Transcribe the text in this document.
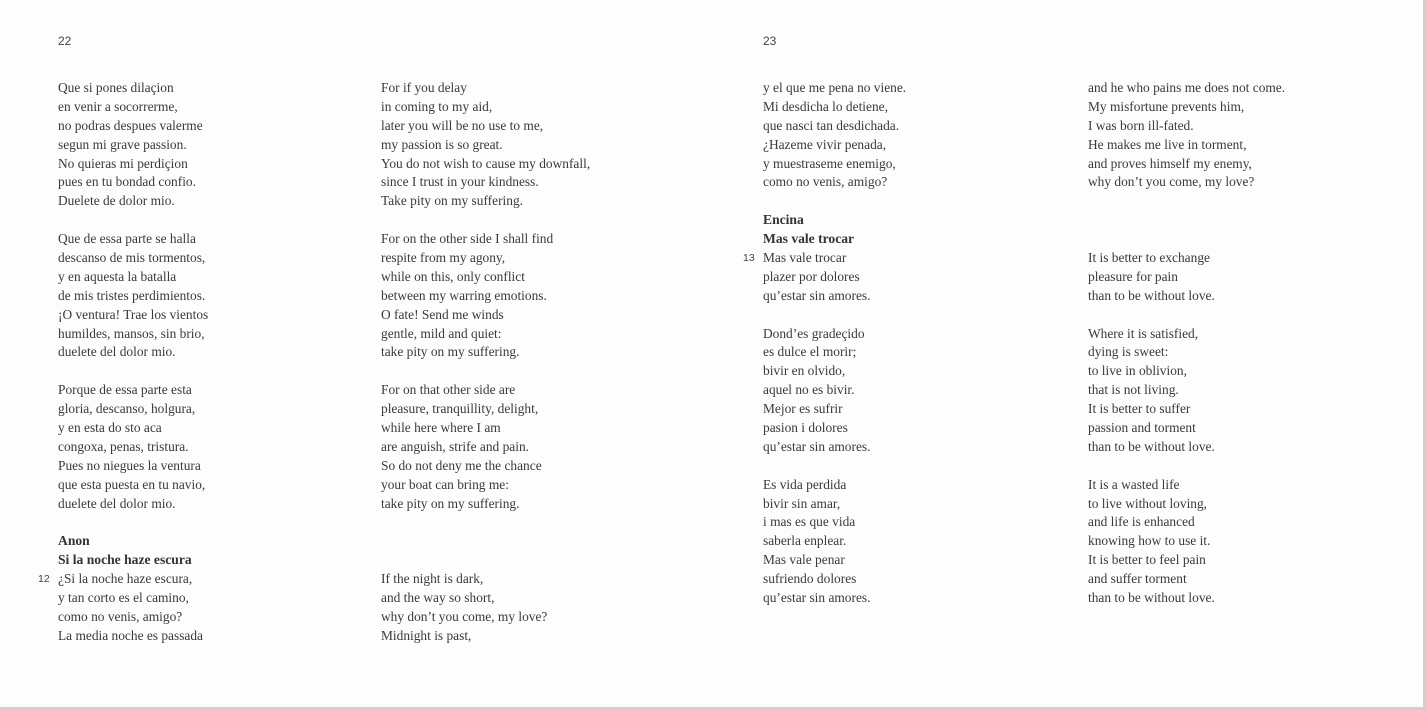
22
Que si pones dilaçion
en venir a socorrerme,
no podras despues valerme
segun mi grave passion.
No quieras mi perdiçion
pues en tu bondad confio.
Duelete de dolor mio.
Que de essa parte se halla
descanso de mis tormentos,
y en aquesta la batalla
de mis tristes perdimientos.
¡O ventura! Trae los vientos
humildes, mansos, sin brio,
duelete del dolor mio.
Porque de essa parte esta
gloria, descanso, holgura,
y en esta do sto aca
congoxa, penas, tristura.
Pues no niegues la ventura
que esta puesta en tu navio,
duelete del dolor mio.
Anon
Si la noche haze escura
12 ¿Si la noche haze escura,
y tan corto es el camino,
como no venis, amigo?
La media noche es passada
For if you delay
in coming to my aid,
later you will be no use to me,
my passion is so great.
You do not wish to cause my downfall,
since I trust in your kindness.
Take pity on my suffering.
For on the other side I shall find
respite from my agony,
while on this, only conflict
between my warring emotions.
O fate! Send me winds
gentle, mild and quiet:
take pity on my suffering.
For on that other side are
pleasure, tranquillity, delight,
while here where I am
are anguish, strife and pain.
So do not deny me the chance
your boat can bring me:
take pity on my suffering.
If the night is dark,
and the way so short,
why don’t you come, my love?
Midnight is past,
23
y el que me pena no viene.
Mi desdicha lo detiene,
que nasci tan desdichada.
¿Hazeme vivir penada,
y muestraseme enemigo,
como no venis, amigo?
Encina
Mas vale trocar
13 Mas vale trocar
plazer por dolores
qu’estar sin amores.
Dond’es gradeçido
es dulce el morir;
bivir en olvido,
aquel no es bivir.
Mejor es sufrir
pasion i dolores
qu’estar sin amores.
Es vida perdida
bivir sin amar,
i mas es que vida
saberla enplear.
Mas vale penar
sufriendo dolores
qu’estar sin amores.
and he who pains me does not come.
My misfortune prevents him,
I was born ill-fated.
He makes me live in torment,
and proves himself my enemy,
why don’t you come, my love?
It is better to exchange
pleasure for pain
than to be without love.
Where it is satisfied,
dying is sweet:
to live in oblivion,
that is not living.
It is better to suffer
passion and torment
than to be without love.
It is a wasted life
to live without loving,
and life is enhanced
knowing how to use it.
It is better to feel pain
and suffer torment
than to be without love.
